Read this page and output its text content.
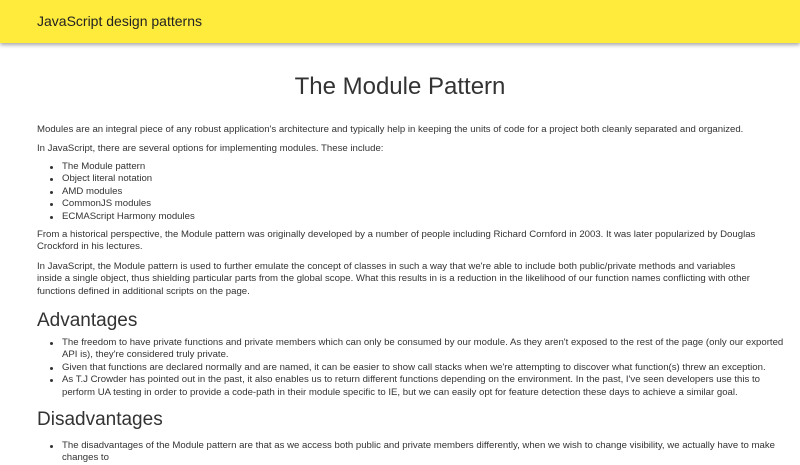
JavaScript design patterns
The Module Pattern

Modules are an integral piece of any robust application's architecture and typically help in keeping the units of code for a project both cleanly separated and organized.

In JavaScript, there are several options for implementing modules. These include:

The Module pattern
Object literal notation
AMD modules
CommonJS modules
ECMAScript Harmony modules

From a historical perspective, the Module pattern was originally developed by a number of people including Richard Cornford in 2003. It was later popularized by Douglas Crockford in his lectures.

In JavaScript, the Module pattern is used to further emulate the concept of classes in such a way that we're able to include both public/private methods and variables inside a single object, thus shielding particular parts from the global scope. What this results in is a reduction in the likelihood of our function names conflicting with other functions defined in additional scripts on the page.

Advantages
The freedom to have private functions and private members which can only be consumed by our module. As they aren't exposed to the rest of the page (only our exported API is), they're considered truly private.
Given that functions are declared normally and are named, it can be easier to show call stacks when we're attempting to discover what function(s) threw an exception.
As T.J Crowder has pointed out in the past, it also enables us to return different functions depending on the environment. In the past, I've seen developers use this to perform UA testing in order to provide a code-path in their module specific to IE, but we can easily opt for feature detection these days to achieve a similar goal.
Disadvantages
The disadvantages of the Module pattern are that as we access both public and private members differently, when we wish to change visibility, we actually have to make changes to
